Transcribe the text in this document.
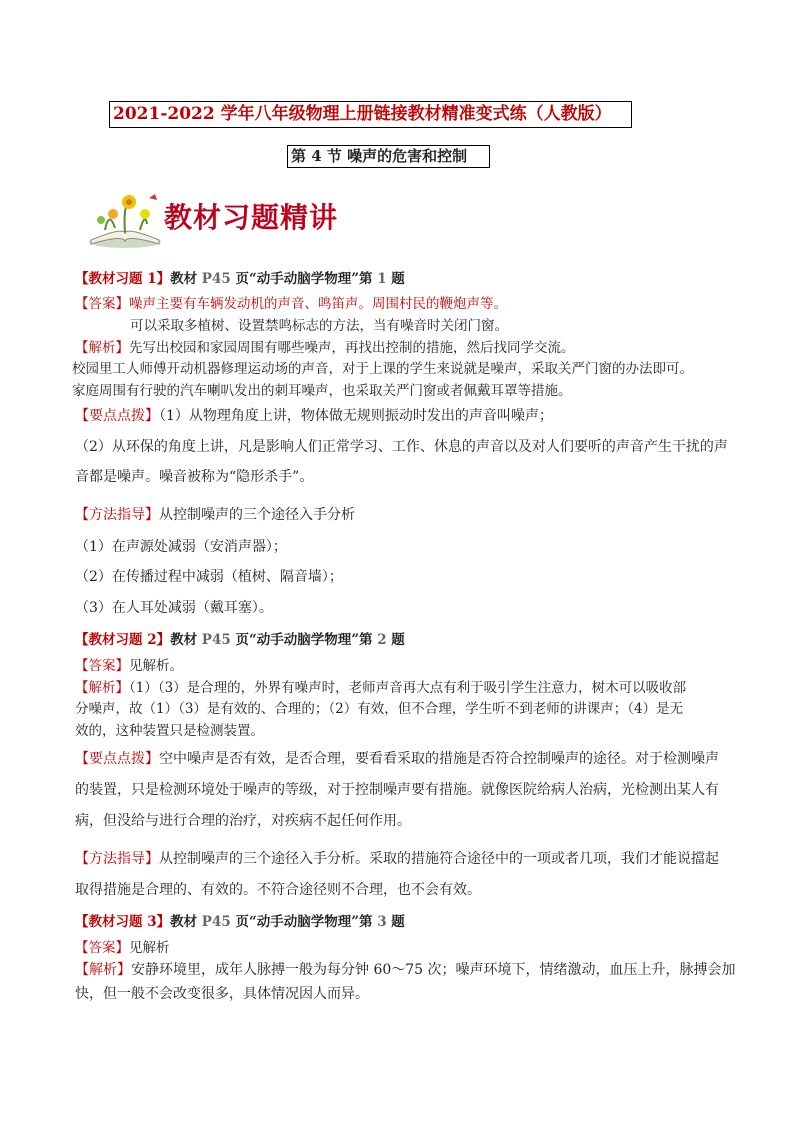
2021-2022 学年八年级物理上册链接教材精准变式练（人教版）
第 4 节 噪声的危害和控制
教材习题精讲
【教材习题 1】教材 P45 页“动手动脑学物理”第 1 题
【答案】噪声主要有车辆发动机的声音、鸣笛声。周围村民的鞭炮声等。
可以采取多植树、设置禁鸣标志的方法，当有噪音时关闭门窗。
【解析】先写出校园和家园周围有哪些噪声，再找出控制的措施，然后找同学交流。
校园里工人师傅开动机器修理运动场的声音，对于上课的学生来说就是噪声，采取关严门窗的办法即可。
家庭周围有行驶的汽车喇叭发出的刺耳噪声，也采取关严门窗或者佩戴耳罩等措施。
【要点点拨】（1）从物理角度上讲，物体做无规则振动时发出的声音叫噪声；
（2）从环保的角度上讲，凡是影响人们正常学习、工作、休息的声音以及对人们要听的声音产生干扰的声
音都是噪声。噪音被称为“隐形杀手”。
【方法指导】从控制噪声的三个途径入手分析
（1）在声源处减弱（安消声器）；
（2）在传播过程中减弱（植树、隔音墙）；
（3）在人耳处减弱（戴耳塞）。
【教材习题 2】教材 P45 页“动手动脑学物理”第 2 题
【答案】见解析。
【解析】（1）（3）是合理的，外界有噪声时，老师声音再大点有利于吸引学生注意力，树木可以吸收部
分噪声，故（1）（3）是有效的、合理的；（2）有效，但不合理，学生听不到老师的讲课声；（4）是无
效的，这种装置只是检测装置。
【要点点拨】空中噪声是否有效，是否合理，要看看采取的措施是否符合控制噪声的途径。对于检测噪声
的装置，只是检测环境处于噪声的等级，对于控制噪声要有措施。就像医院给病人治病，光检测出某人有
病，但没给与进行合理的治疗，对疾病不起任何作用。
【方法指导】从控制噪声的三个途径入手分析。采取的措施符合途径中的一项或者几项，我们才能说擋起
取得措施是合理的、有效的。不符合途径则不合理，也不会有效。
【教材习题 3】教材 P45 页“动手动脑学物理”第 3 题
【答案】见解析
【解析】安静环境里，成年人脉搏一般为每分钟 60～75 次；噪声环境下，情绪激动，血压上升，脉搏会加
快，但一般不会改变很多，具体情况因人而异。
